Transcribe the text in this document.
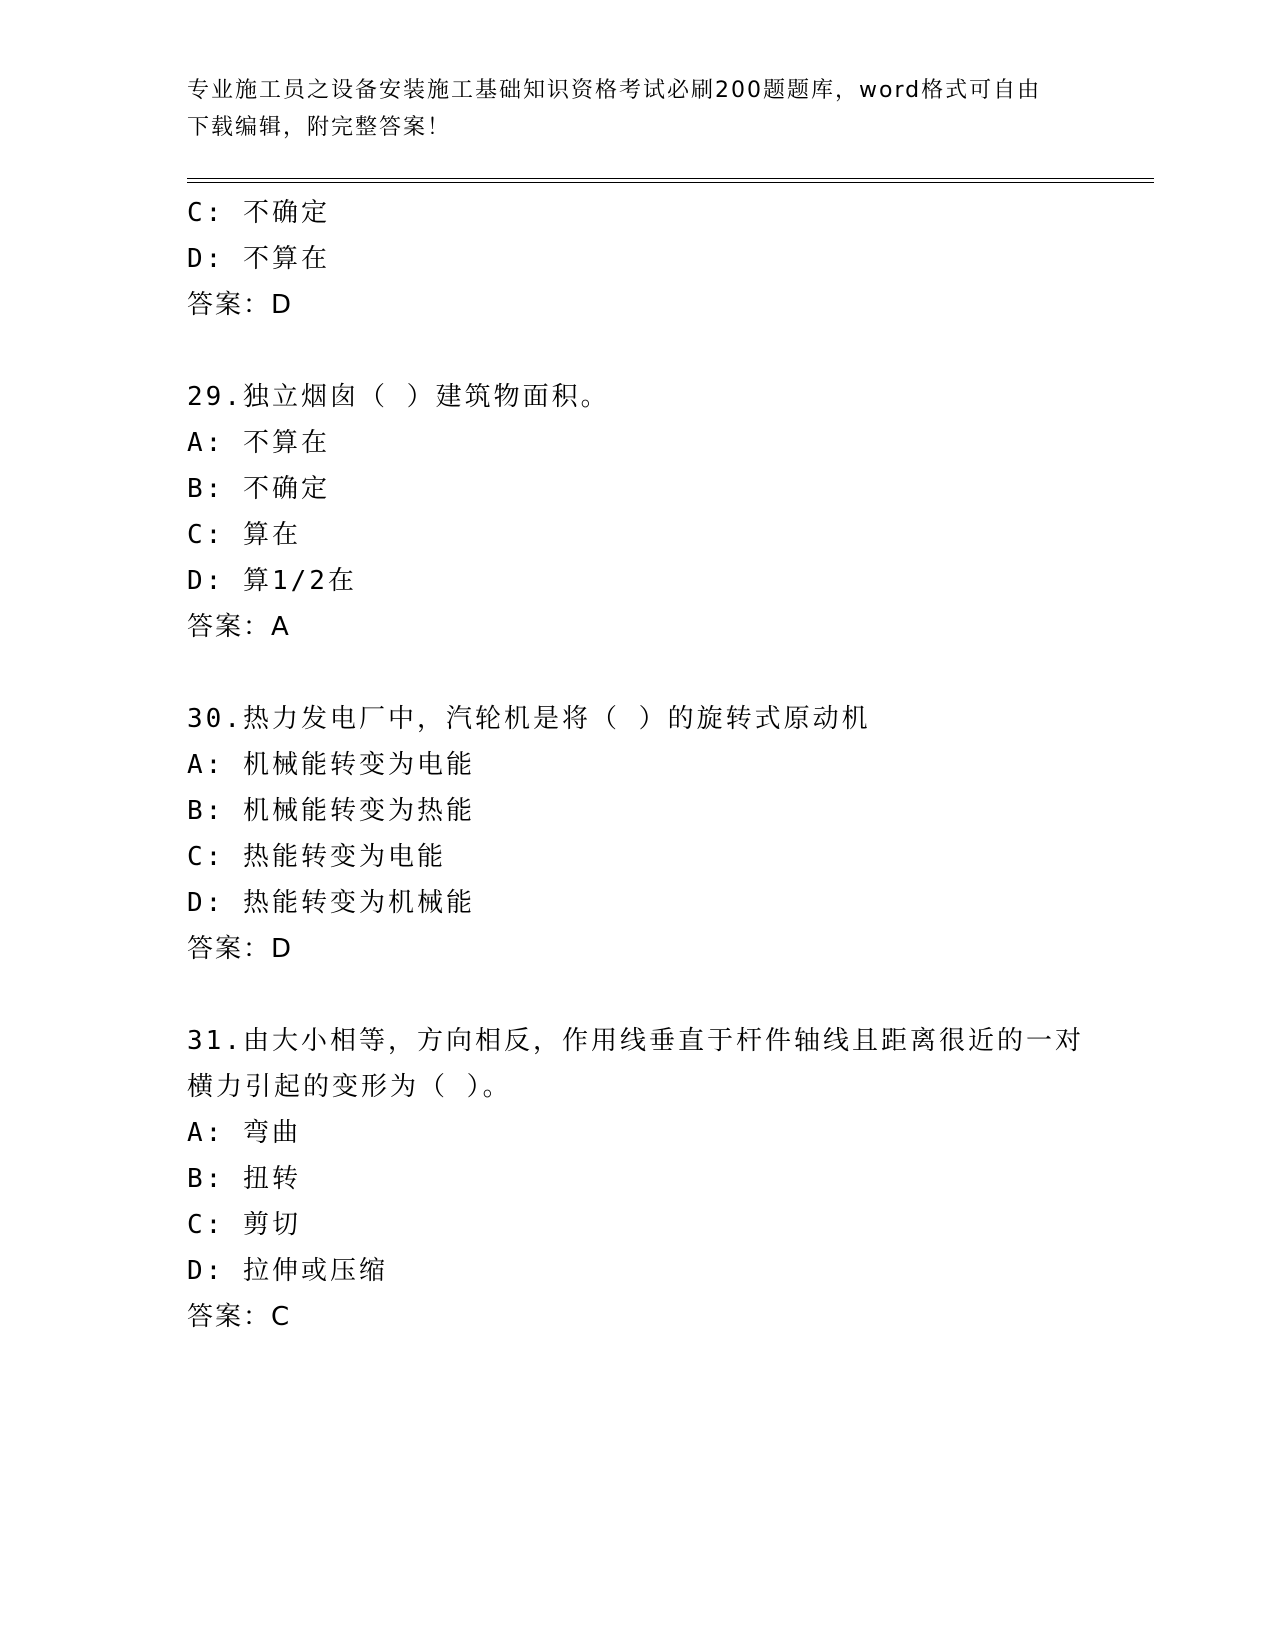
专业施工员之设备安装施工基础知识资格考试必刷200题题库，word格式可自由
下载编辑，附完整答案！
C: 不确定
D: 不算在
答案：D
29.独立烟囱（ ）建筑物面积。
A: 不算在
B: 不确定
C: 算在
D: 算1/2在
答案：A
30.热力发电厂中，汽轮机是将（ ）的旋转式原动机
A: 机械能转变为电能
B: 机械能转变为热能
C: 热能转变为电能
D: 热能转变为机械能
答案：D
31.由大小相等，方向相反，作用线垂直于杆件轴线且距离很近的一对
横力引起的变形为（ ）。
A: 弯曲
B: 扭转
C: 剪切
D: 拉伸或压缩
答案：C
